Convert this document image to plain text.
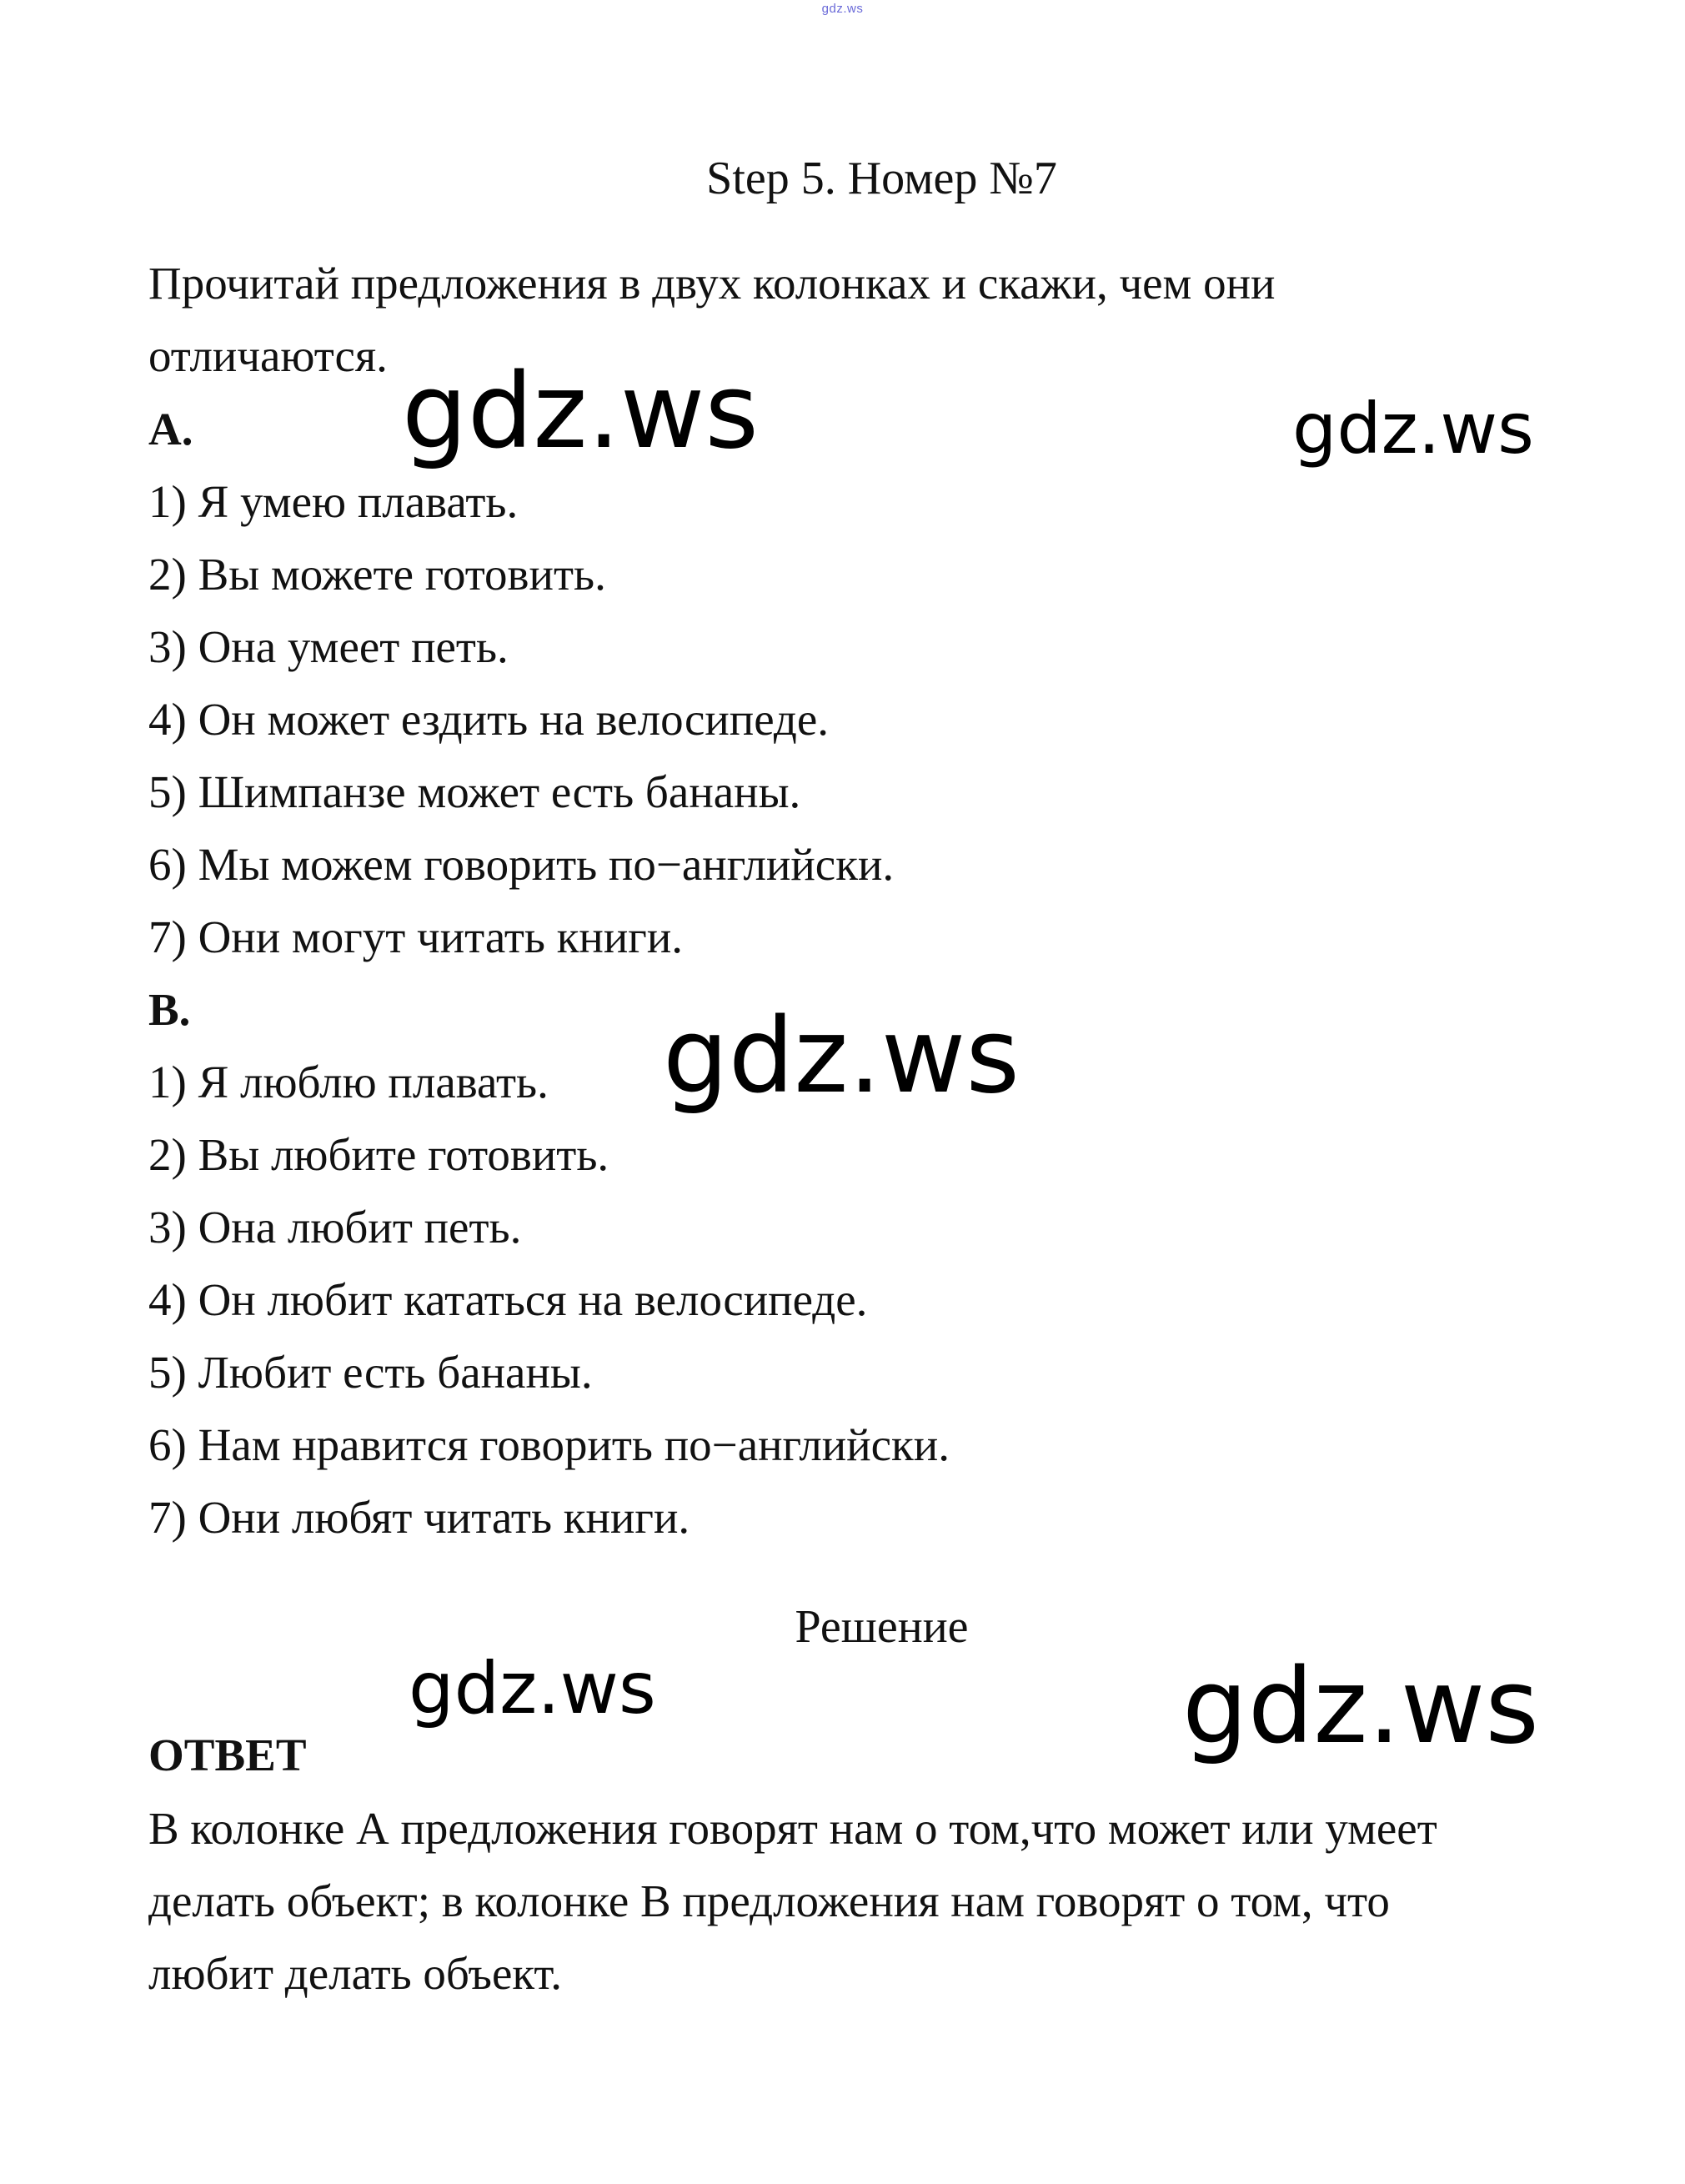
gdz.ws
Step 5. Номер №7
Прочитай предложения в двух колонках и скажи, чем они
отличаются.
А.
1) Я умею плавать.
2) Вы можете готовить.
3) Она умеет петь.
4) Он может ездить на велосипеде.
5) Шимпанзе может есть бананы.
6) Мы можем говорить по−английски.
7) Они могут читать книги.
В.
1) Я люблю плавать.
2) Вы любите готовить.
3) Она любит петь.
4) Он любит кататься на велосипеде.
5) Любит есть бананы.
6) Нам нравится говорить по−английски.
7) Они любят читать книги.
Решение
ОТВЕТ
В колонке А предложения говорят нам о том,что может или умеет
делать объект; в колонке В предложения нам говорят о том, что
любит делать объект.
gdz.ws	gdz.ws
gdz.ws
gdz.ws	gdz.ws
